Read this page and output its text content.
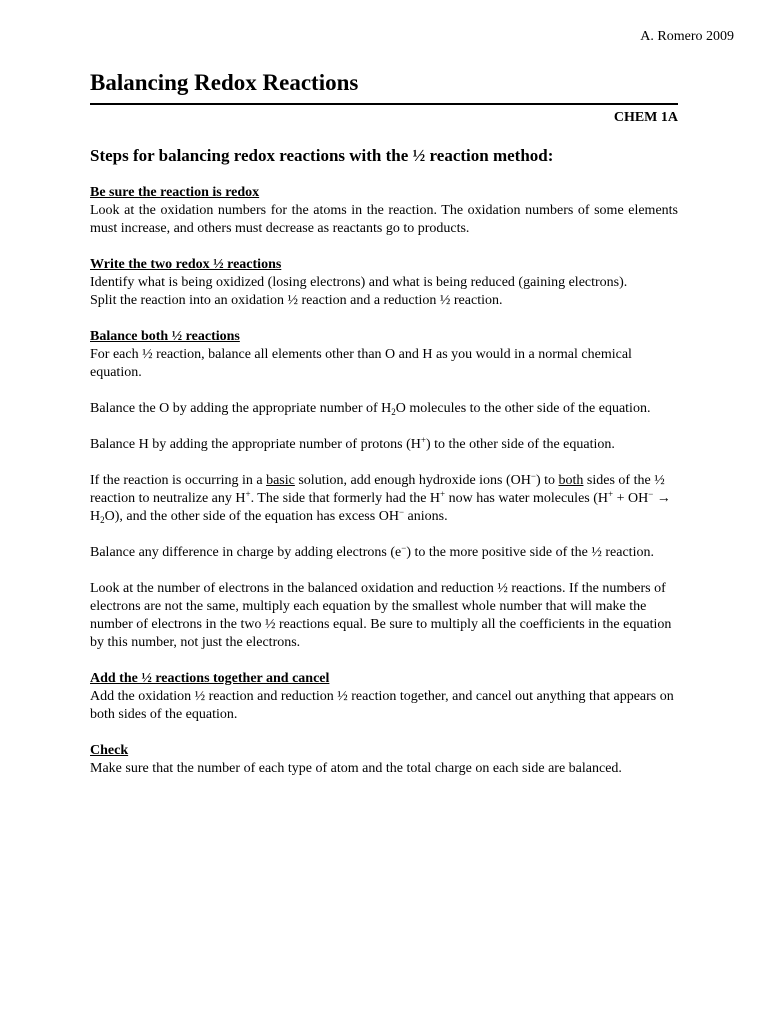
A. Romero 2009
Balancing Redox Reactions
CHEM 1A
Steps for balancing redox reactions with the ½ reaction method:
Be sure the reaction is redox
Look at the oxidation numbers for the atoms in the reaction. The oxidation numbers of some elements must increase, and others must decrease as reactants go to products.
Write the two redox ½ reactions
Identify what is being oxidized (losing electrons) and what is being reduced (gaining electrons).
Split the reaction into an oxidation ½ reaction and a reduction ½ reaction.
Balance both ½ reactions

For each ½ reaction, balance all elements other than O and H as you would in a normal chemical equation.

Balance the O by adding the appropriate number of $H_2O$ molecules to the other side of the equation.

Balance H by adding the appropriate number of protons (H+) to the other side of the equation.

If the reaction is occurring in a basic solution, add enough hydroxide ions (OH−) to both sides of the ½ reaction to neutralize any H+. The side that formerly had the H+ now has water molecules $(H^+ + OH^- \to H_2O)$, and the other side of the equation has excess OH− anions.

Balance any difference in charge by adding electrons (e−) to the more positive side of the ½ reaction.

Look at the number of electrons in the balanced oxidation and reduction ½ reactions. If the numbers of electrons are not the same, multiply each equation by the smallest whole number that will make the number of electrons in the two ½ reactions equal. Be sure to multiply all the coefficients in the equation by this number, not just the electrons.

Add the ½ reactions together and cancel
Add the oxidation ½ reaction and reduction ½ reaction together, and cancel out anything that appears on both sides of the equation.
Check
Make sure that the number of each type of atom and the total charge on each side are balanced.
